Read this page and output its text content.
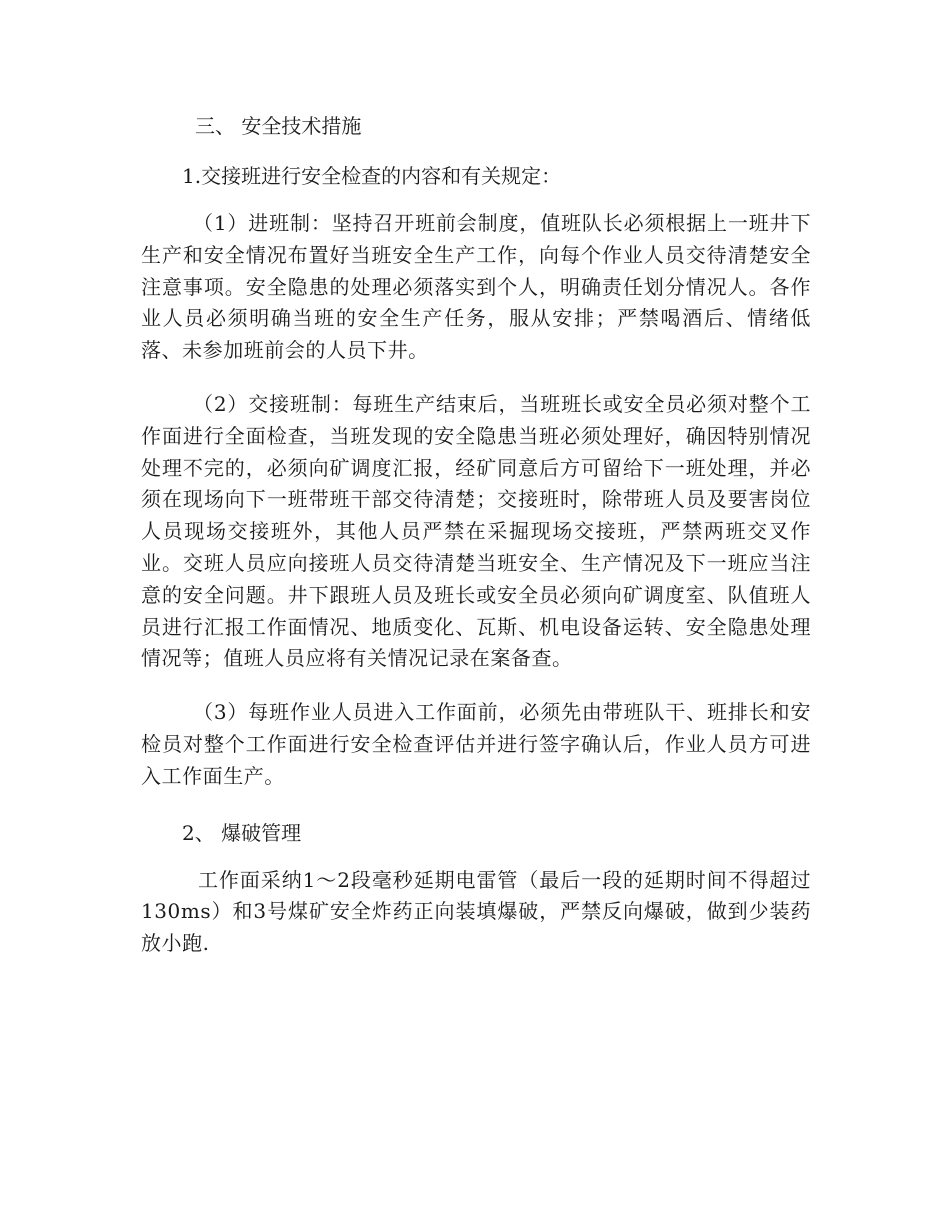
三、 安全技术措施

1.交接班进行安全检查的内容和有关规定：

（1）进班制：坚持召开班前会制度，值班队长必须根据上一班井下生产和安全情况布置好当班安全生产工作，向每个作业人员交待清楚安全注意事项。安全隐患的处理必须落实到个人，明确责任划分情况人。各作业人员必须明确当班的安全生产任务，服从安排；严禁喝酒后、情绪低落、未参加班前会的人员下井。

（2）交接班制：每班生产结束后，当班班长或安全员必须对整个工作面进行全面检查，当班发现的安全隐患当班必须处理好，确因特别情况处理不完的，必须向矿调度汇报，经矿同意后方可留给下一班处理，并必须在现场向下一班带班干部交待清楚；交接班时，除带班人员及要害岗位人员现场交接班外，其他人员严禁在采掘现场交接班，严禁两班交叉作业。交班人员应向接班人员交待清楚当班安全、生产情况及下一班应当注意的安全问题。井下跟班人员及班长或安全员必须向矿调度室、队值班人员进行汇报工作面情况、地质变化、瓦斯、机电设备运转、安全隐患处理情况等；值班人员应将有关情况记录在案备查。

（3）每班作业人员进入工作面前，必须先由带班队干、班排长和安检员对整个工作面进行安全检查评估并进行签字确认后，作业人员方可进入工作面生产。

2、 爆破管理

工作面采纳1～2段毫秒延期电雷管（最后一段的延期时间不得超过130ms）和3号煤矿安全炸药正向装填爆破，严禁反向爆破，做到少装药放小跑.
